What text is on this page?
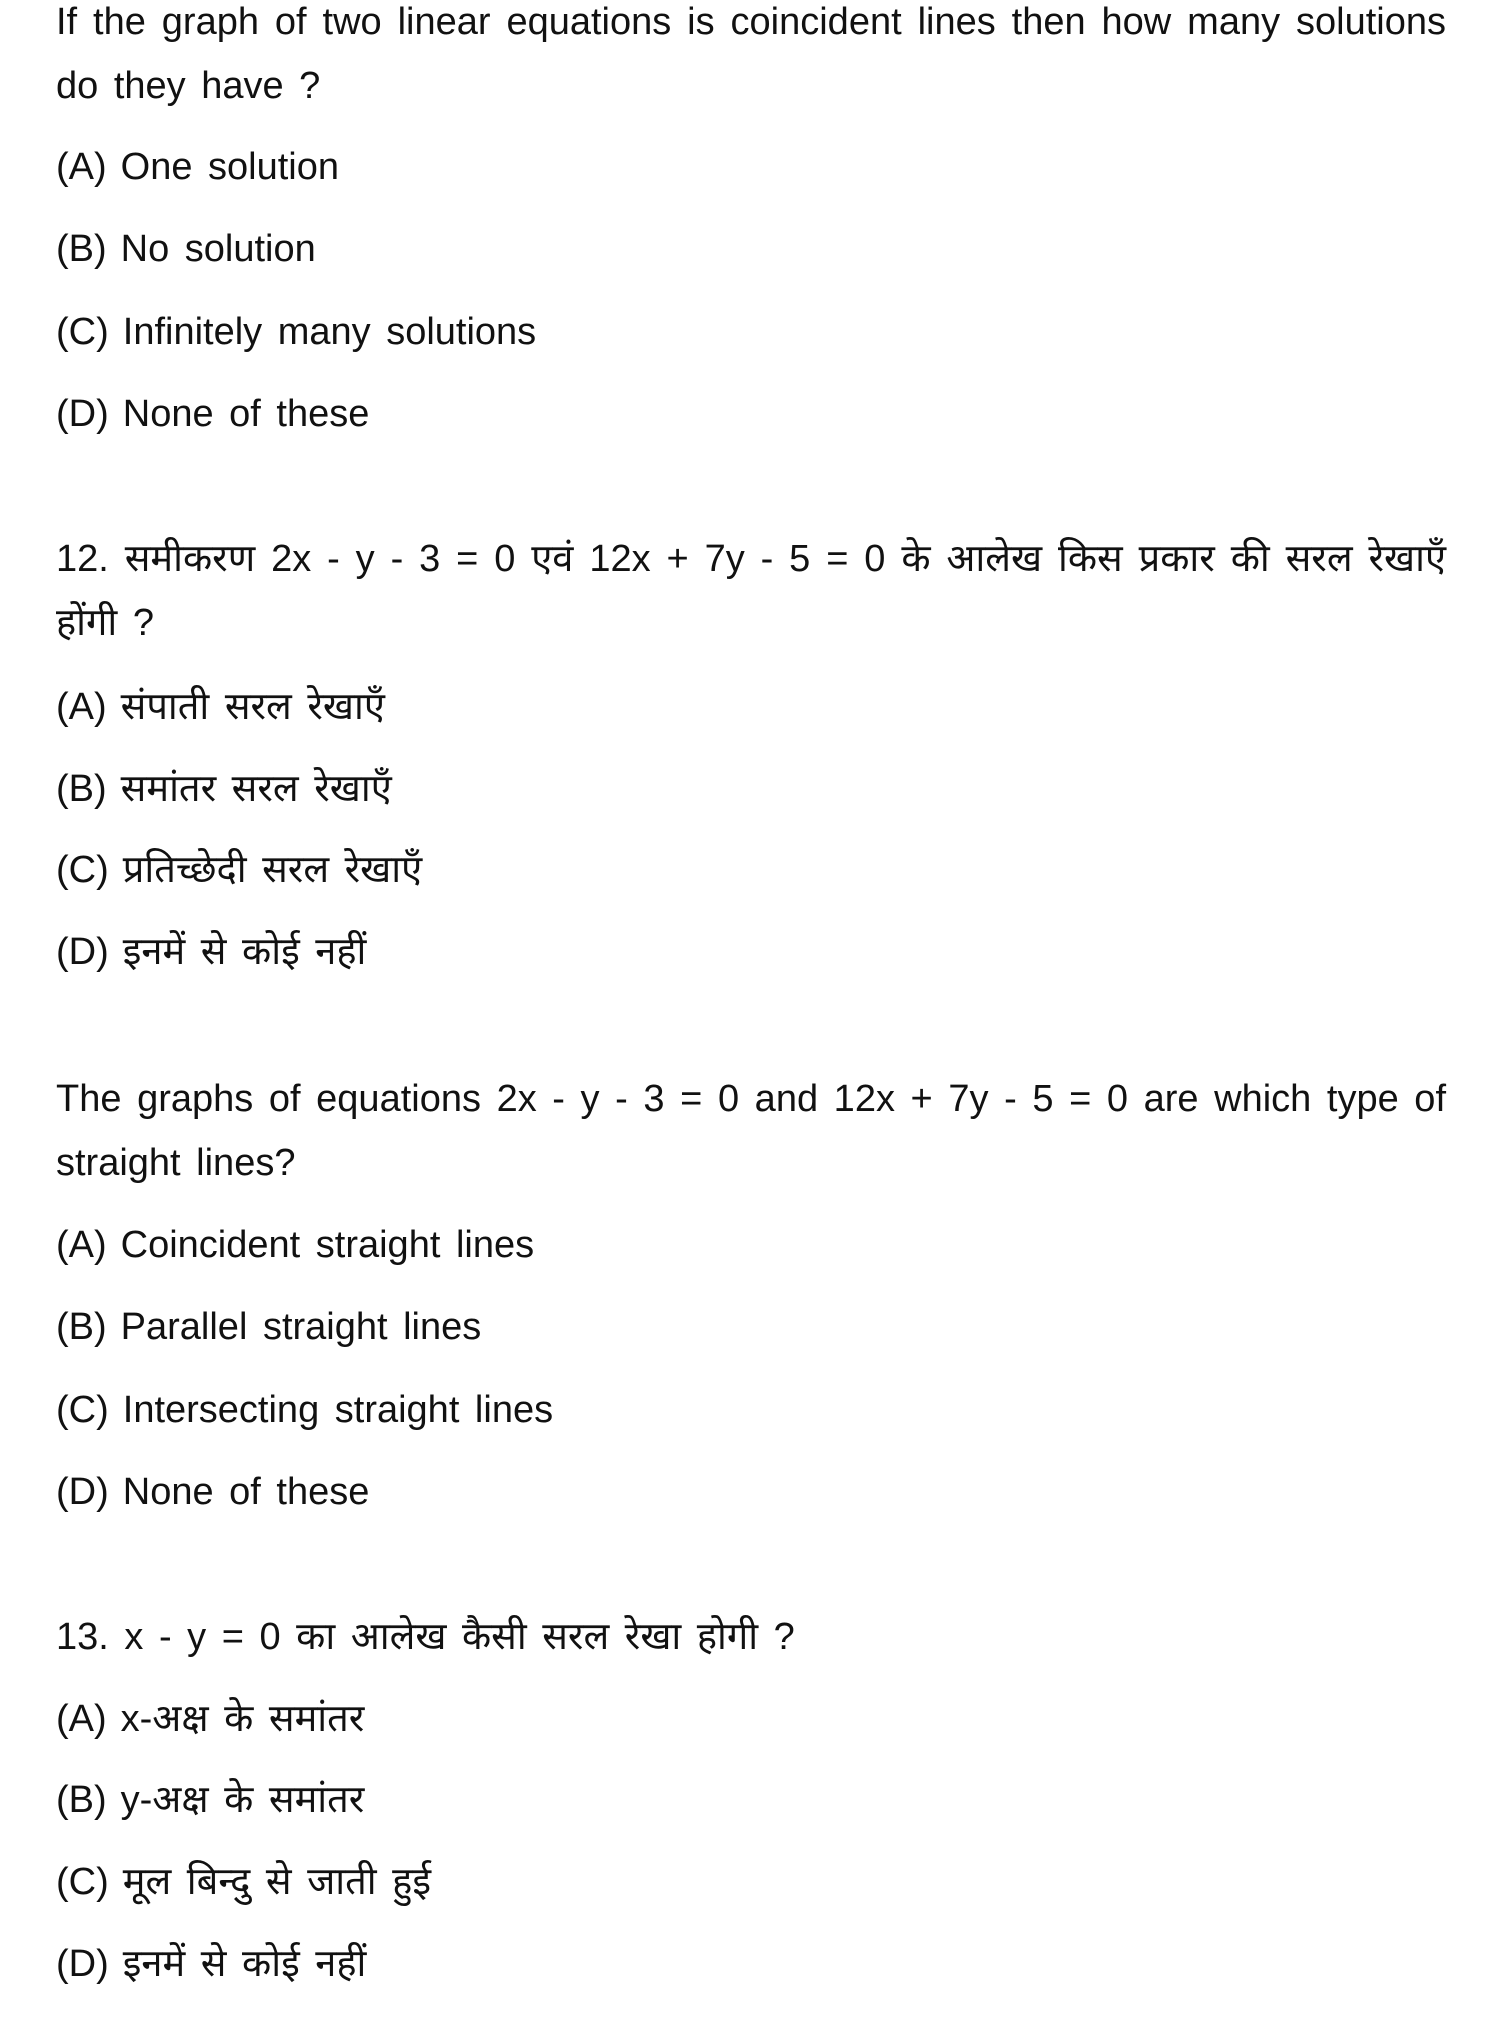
If the graph of two linear equations is coincident lines then how many solutions do they have ?
(A) One solution
(B) No solution
(C) Infinitely many solutions
(D) None of these
12. समीकरण 2x - y - 3 = 0 एवं 12x + 7y - 5 = 0 के आलेख किस प्रकार की सरल रेखाएँ होंगी ?
(A) संपाती सरल रेखाएँ
(B) समांतर सरल रेखाएँ
(C) प्रतिच्छेदी सरल रेखाएँ
(D) इनमें से कोई नहीं
The graphs of equations 2x - y - 3 = 0 and 12x + 7y - 5 = 0 are which type of straight lines?
(A) Coincident straight lines
(B) Parallel straight lines
(C) Intersecting straight lines
(D) None of these
13. x - y = 0 का आलेख कैसी सरल रेखा होगी ?
(A) x-अक्ष के समांतर
(B) y-अक्ष के समांतर
(C) मूल बिन्दु से जाती हुई
(D) इनमें से कोई नहीं
